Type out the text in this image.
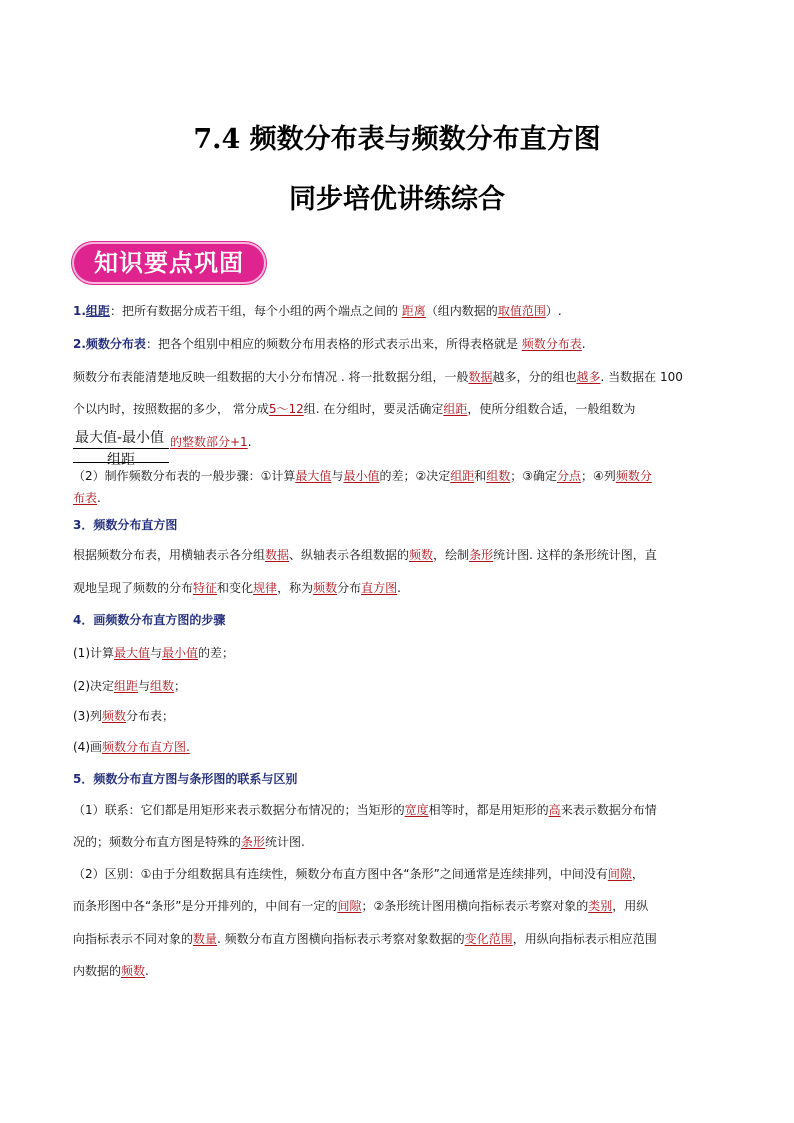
7.4 频数分布表与频数分布直方图
同步培优讲练综合
知识要点巩固
1.组距：把所有数据分成若干组，每个小组的两个端点之间的 距离（组内数据的取值范围）.
2.频数分布表：把各个组别中相应的频数分布用表格的形式表示出来，所得表格就是 频数分布表.
频数分布表能清楚地反映一组数据的大小分布情况 . 将一批数据分组，一般数据越多，分的组也越多. 当数据在 100
个以内时，按照数据的多少， 常分成5～12组. 在分组时，要灵活确定组距，使所分组数合适，一般组数为
最大值-最小值
组距
的整数部分+1.
（2）制作频数分布表的一般步骤：①计算最大值与最小值的差；②决定组距和组数；③确定分点；④列频数分
布表.
3．频数分布直方图
根据频数分布表，用横轴表示各分组数据、纵轴表示各组数据的频数，绘制条形统计图. 这样的条形统计图，直
观地呈现了频数的分布特征和变化规律，称为频数分布直方图.
4．画频数分布直方图的步骤
(1)计算最大值与最小值的差；
(2)决定组距与组数；
(3)列频数分布表；
(4)画频数分布直方图.
5．频数分布直方图与条形图的联系与区别
（1）联系：它们都是用矩形来表示数据分布情况的；当矩形的宽度相等时，都是用矩形的高来表示数据分布情
况的；频数分布直方图是特殊的条形统计图.
（2）区别：①由于分组数据具有连续性，频数分布直方图中各“条形”之间通常是连续排列，中间没有间隙，
而条形图中各“条形”是分开排列的，中间有一定的间隙；②条形统计图用横向指标表示考察对象的类别，用纵
向指标表示不同对象的数量. 频数分布直方图横向指标表示考察对象数据的变化范围，用纵向指标表示相应范围
内数据的频数.
